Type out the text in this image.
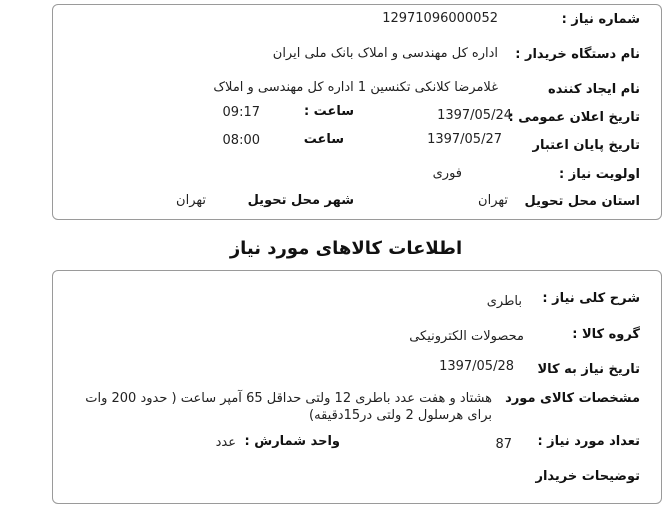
شماره نیاز :
12971096000052
نام دستگاه خریدار :
اداره کل مهندسی و املاک بانک ملی ایران
نام ایجاد کننده
غلامرضا کلانکی تکنسین 1 اداره کل مهندسی و املاک
تاریخ اعلان عمومی :
1397/05/24
ساعت :
09:17
تاریخ پایان اعتبار
1397/05/27
ساعت
08:00
اولویت نیاز :
فوری
استان محل تحویل
تهران
شهر محل تحویل
تهران
اطلاعات کالاهای مورد نیاز
شرح کلی نیاز :
باطری
گروه کالا :
محصولات الکترونیکی
تاریخ نیاز به کالا
1397/05/28
مشخصات کالای مورد
هشتاد و هفت عدد باطری 12 ولتی حداقل 65 آمپر ساعت ( حدود 200 وات
برای هرسلول 2 ولتی در15دقیقه)
تعداد مورد نیاز :
87
واحد شمارش :
عدد
توضیحات خریدار
